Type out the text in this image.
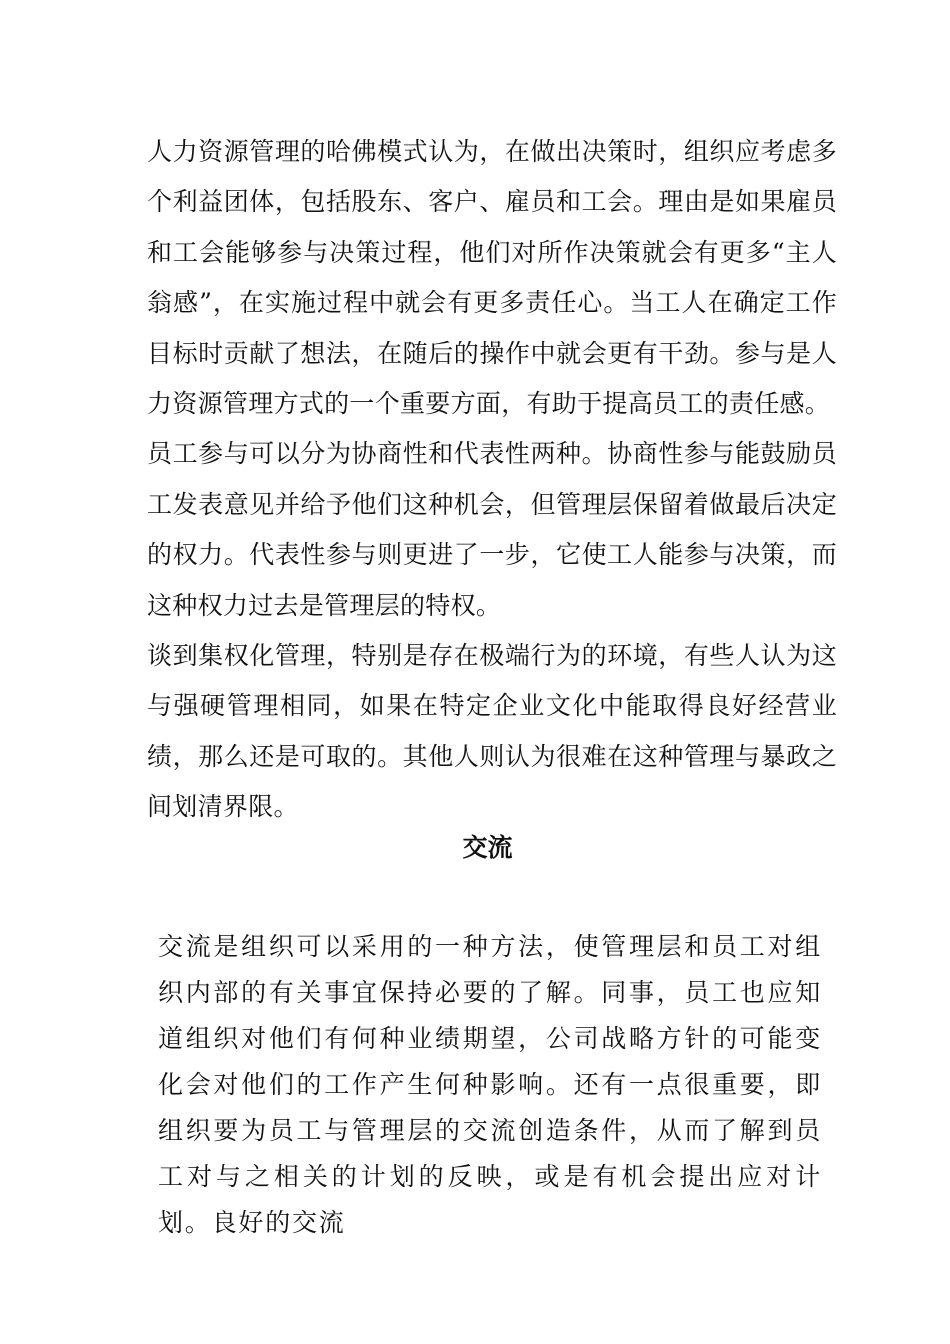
人力资源管理的哈佛模式认为，在做出决策时，组织应考虑多个利益团体，包括股东、客户、雇员和工会。理由是如果雇员和工会能够参与决策过程，他们对所作决策就会有更多“主人翁感”，在实施过程中就会有更多责任心。当工人在确定工作目标时贡献了想法，在随后的操作中就会更有干劲。参与是人力资源管理方式的一个重要方面，有助于提高员工的责任感。

员工参与可以分为协商性和代表性两种。协商性参与能鼓励员工发表意见并给予他们这种机会，但管理层保留着做最后决定的权力。代表性参与则更进了一步，它使工人能参与决策，而这种权力过去是管理层的特权。

谈到集权化管理，特别是存在极端行为的环境，有些人认为这与强硬管理相同，如果在特定企业文化中能取得良好经营业绩，那么还是可取的。其他人则认为很难在这种管理与暴政之间划清界限。

交流

交流是组织可以采用的一种方法，使管理层和员工对组织内部的有关事宜保持必要的了解。同事，员工也应知道组织对他们有何种业绩期望，公司战略方针的可能变化会对他们的工作产生何种影响。还有一点很重要，即组织要为员工与管理层的交流创造条件，从而了解到员工对与之相关的计划的反映，或是有机会提出应对计划。良好的交流
